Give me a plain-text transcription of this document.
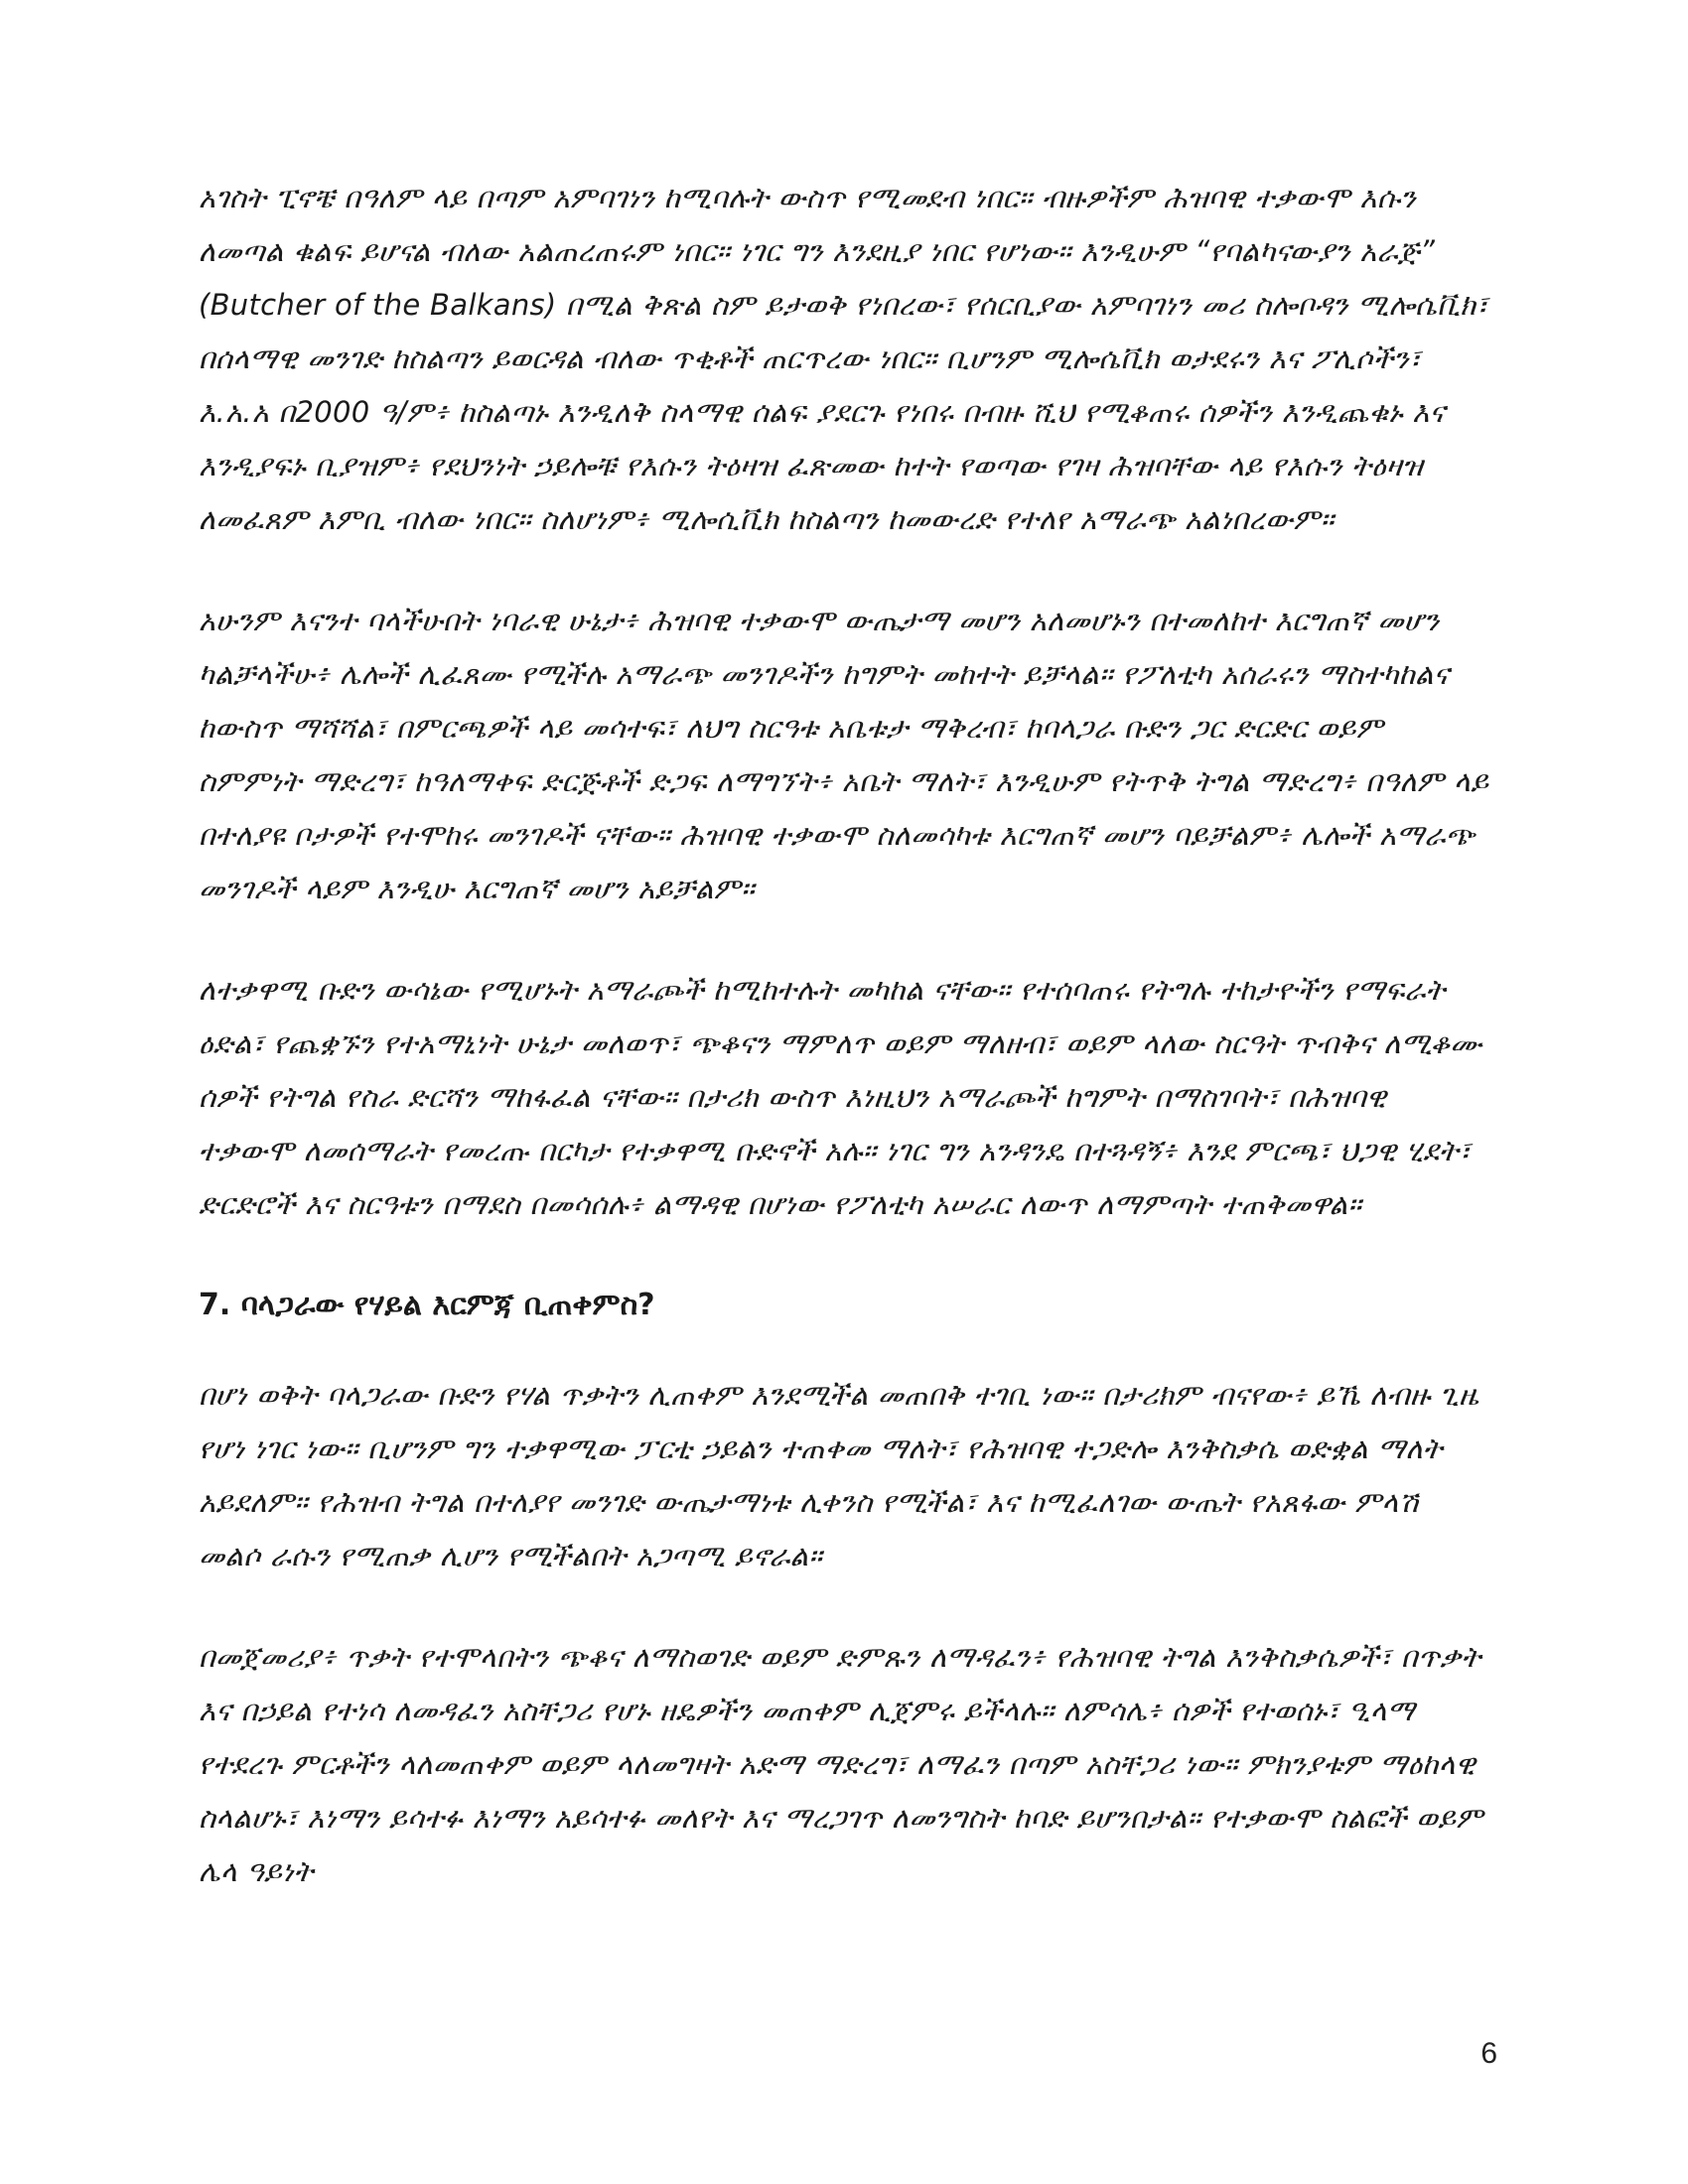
አገስት ፒኖቼ በዓለም ላይ በጣም አምባገነን ከሚባሉት ውስጥ የሚመደብ ነበር። ብዙዎችም ሕዝባዊ ተቃውሞ እሱን ለመጣል ቁልፍ ይሆናል ብለው አልጠረጠሩም ነበር። ነገር ግን እንደዚያ ነበር የሆነው። እንዲሁም “የባልካናውያን አራጅ” (Butcher of the Balkans) በሚል ቅጽል ስም ይታወቅ የነበረው፣ የሰርቢያው አምባገነን መሪ ስሎቦዳን ሚሎሴቪክ፣ በሰላማዊ መንገድ ከስልጣን ይወርዳል ብለው ጥቂቶች ጠርጥረው ነበር። ቢሆንም ሚሎሴቪክ ወታደሩን እና ፖሊሶችን፣ እ.አ.አ በ2000 ዓ/ም፥ ከስልጣኑ እንዲለቅ ስላማዊ ሰልፍ ያደርጉ የነበሩ በብዙ ሺህ የሚቆጠሩ ሰዎችን እንዲጨቁኑ እና እንዲያፍኑ ቢያዝም፥ የደህንነት ኃይሎቹ የእሱን ትዕዛዝ ፈጽመው ከተት የወጣው የገዛ ሕዝባቸው ላይ የእሱን ትዕዛዝ ለመፈጸም እምቢ ብለው ነበር። ስለሆነም፥ ሚሎሲቪክ ከስልጣን ከመውረድ የተለየ አማራጭ አልነበረውም።

አሁንም እናንተ ባላችሁበት ነባራዊ ሁኔታ፥ ሕዝባዊ ተቃውሞ ውጤታማ መሆን አለመሆኑን በተመለከተ እርግጠኛ መሆን ካልቻላችሁ፥ ሌሎች ሊፈጸሙ የሚችሉ አማራጭ መንገዶችን ከግምት መከተት ይቻላል። የፖለቲካ አሰራሩን ማስተካከልና ከውስጥ ማሻሻል፣ በምርጫዎች ላይ መሳተፍ፣ ለህግ ስርዓቱ አቤቱታ ማቅረብ፣ ከባላጋራ ቡድን ጋር ድርድር ወይም ስምምነት ማድረግ፣ ከዓለማቀፍ ድርጅቶች ድጋፍ ለማግኘት፥ አቤት ማለት፣ እንዲሁም የትጥቅ ትግል ማድረግ፥ በዓለም ላይ በተለያዩ ቦታዎች የተሞከሩ መንገዶች ናቸው። ሕዝባዊ ተቃውሞ ስለመሳካቱ እርግጠኛ መሆን ባይቻልም፥ ሌሎች አማራጭ መንገዶች ላይም እንዲሁ እርግጠኛ መሆን አይቻልም።

ለተቃዋሚ ቡድን ውሳኔው የሚሆኑት አማራጮች ከሚከተሉት መካከል ናቸው። የተሰባጠሩ የትግሉ ተከታዮችን የማፍራት ዕድል፣ የጨቋኙን የተአማኒነት ሁኔታ መለወጥ፣ ጭቆናን ማምለጥ ወይም ማለዘብ፣ ወይም ላለው ስርዓት ጥብቅና ለሚቆሙ ሰዎች የትግል የስራ ድርሻን ማከፋፈል ናቸው። በታሪክ ውስጥ እነዚህን አማራጮች ከግምት በማስገባት፣ በሕዝባዊ ተቃውሞ ለመሰማራት የመረጡ በርካታ የተቃዋሚ ቡድኖች አሉ። ነገር ግን አንዳንዴ በተጓዳኝ፥ እንደ ምርጫ፣ ህጋዊ ሂደት፣ ድርድሮች እና ስርዓቱን በማደስ በመሳሰሉ፥ ልማዳዊ በሆነው የፖለቲካ አሠራር ለውጥ ለማምጣት ተጠቅመዋል።

7. ባላጋራው የሃይል እርምጃ ቢጠቀምስ?

በሆነ ወቅት ባላጋራው ቡድን የሃል ጥቃትን ሊጠቀም እንደሚችል መጠበቅ ተገቢ ነው። በታሪክም ብናየው፥ ይኼ ለብዙ ጊዜ የሆነ ነገር ነው። ቢሆንም ግን ተቃዋሚው ፓርቲ ኃይልን ተጠቀመ ማለት፣ የሕዝባዊ ተጋድሎ እንቅስቃሴ ወድቋል ማለት አይደለም። የሕዝብ ትግል በተለያየ መንገድ ውጤታማነቱ ሊቀንስ የሚችል፣ እና ከሚፈለገው ውጤት የአጸፋው ምላሽ መልሶ ራሱን የሚጠቃ ሊሆን የሚችልበት አጋጣሚ ይኖራል።

በመጀመሪያ፥ ጥቃት የተሞላበትን ጭቆና ለማስወገድ ወይም ድምጹን ለማዳፈን፥ የሕዝባዊ ትግል እንቅስቃሴዎች፣ በጥቃት እና በኃይል የተነሳ ለመዳፈን አስቸጋሪ የሆኑ ዘዴዎችን መጠቀም ሊጀምሩ ይችላሉ። ለምሳሌ፥ ሰዎች የተወሰኑ፣ ዒላማ የተደረጉ ምርቶችን ላለመጠቀም ወይም ላለመግዛት አድማ ማድረግ፣ ለማፈን በጣም አስቸጋሪ ነው። ምክንያቱም ማዕከላዊ ስላልሆኑ፣ እነማን ይሳተፉ እነማን አይሳተፉ መለየት እና ማረጋገጥ ለመንግስት ከባድ ይሆንበታል። የተቃውሞ ስልፎች ወይም ሌላ ዓይነት

6
